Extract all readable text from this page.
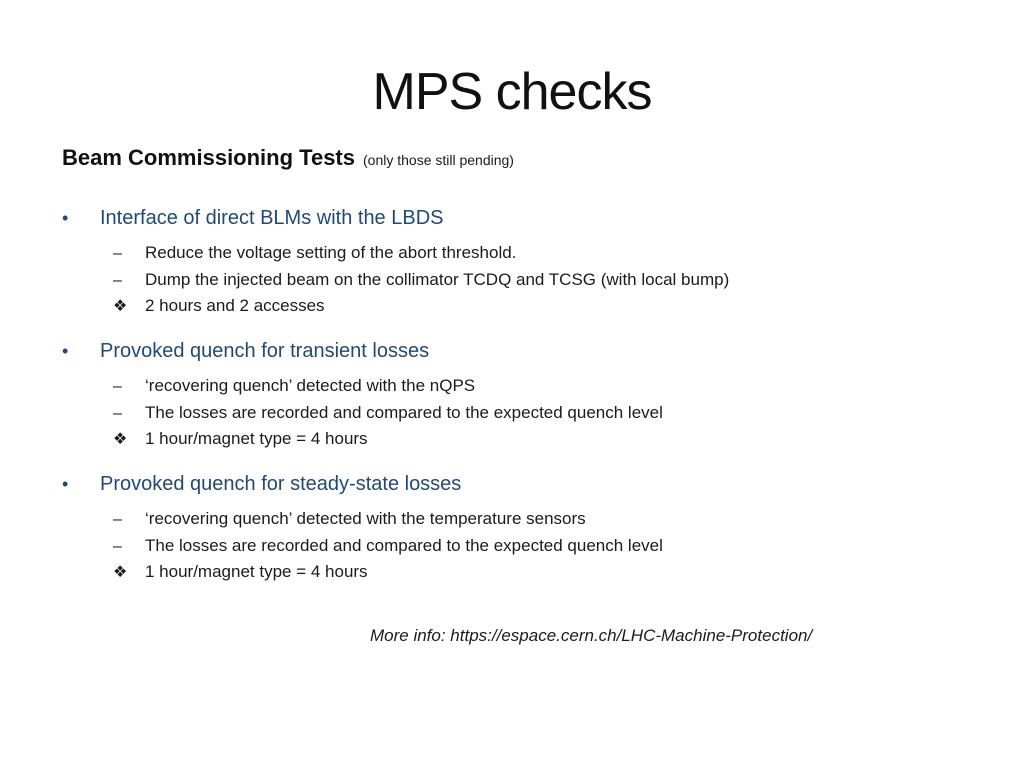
MPS checks
Beam Commissioning Tests (only those still pending)
•	Interface of direct BLMs with the LBDS
–	Reduce the voltage setting of the abort threshold.
–	Dump the injected beam on the collimator TCDQ and TCSG (with local bump)
❖	2 hours and 2 accesses
•	Provoked quench for transient losses
–	‘recovering quench’ detected with the nQPS
–	The losses are recorded and compared to the expected quench level
❖	1 hour/magnet type = 4 hours
•	Provoked quench for steady-state losses
–	‘recovering quench’ detected with the temperature sensors
–	The losses are recorded and compared to the expected quench level
❖	1 hour/magnet type = 4 hours
More info: https://espace.cern.ch/LHC-Machine-Protection/
